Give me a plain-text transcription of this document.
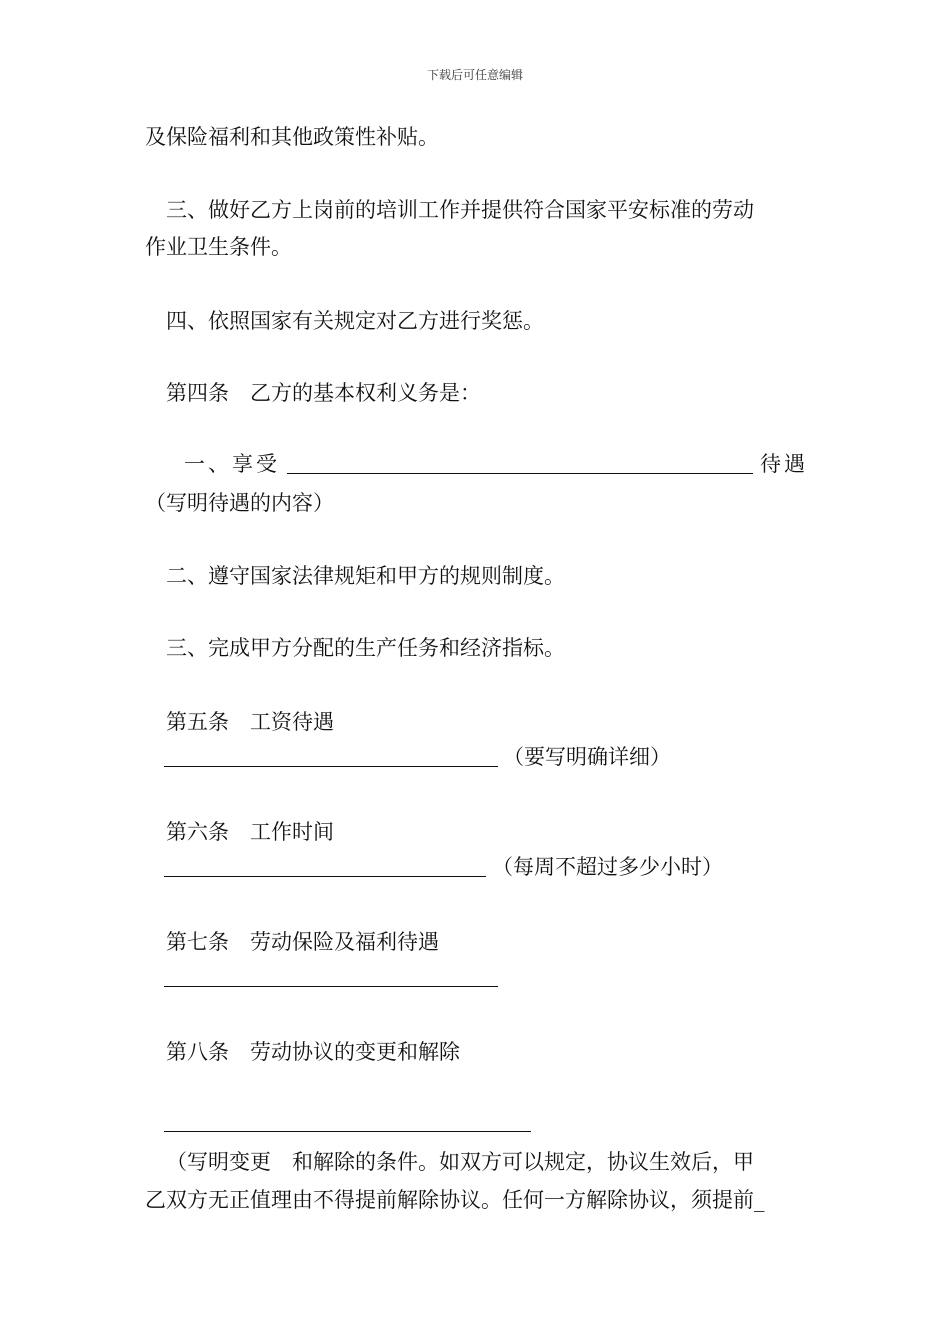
下载后可任意编辑
及保险福利和其他政策性补贴。
三、做好乙方上岗前的培训工作并提供符合国家平安标准的劳动
作业卫生条件。
四、依照国家有关规定对乙方进行奖惩。
第四条　乙方的基本权利义务是：
一、享受	待遇
（写明待遇的内容）
二、遵守国家法律规矩和甲方的规则制度。
三、完成甲方分配的生产任务和经济指标。
第五条　工资待遇
（要写明确详细）
第六条　工作时间
（每周不超过多少小时）
第七条　劳动保险及福利待遇
第八条　劳动协议的变更和解除
（写明变更　和解除的条件。如双方可以规定，协议生效后，甲
乙双方无正值理由不得提前解除协议。任何一方解除协议，须提前_
